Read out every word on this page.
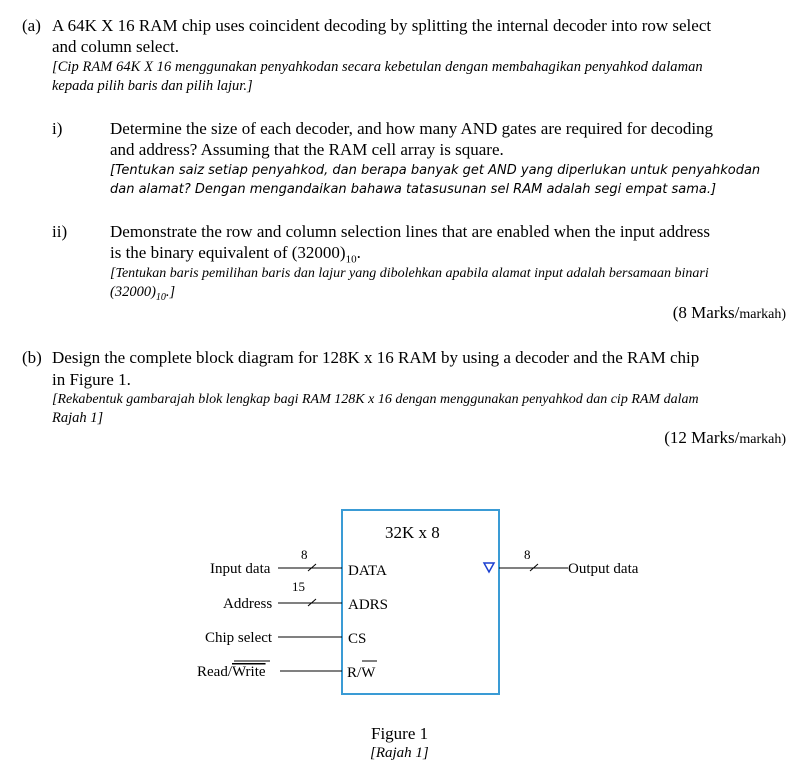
(a) A 64K X 16 RAM chip uses coincident decoding by splitting the internal decoder into row select
and column select.
[Cip RAM 64K X 16 menggunakan penyahkodan secara kebetulan dengan membahagikan penyahkod dalaman
kepada pilih baris dan pilih lajur.]
i)	Determine the size of each decoder, and how many AND gates are required for decoding
and address? Assuming that the RAM cell array is square.
[Tentukan saiz setiap penyahkod, dan berapa banyak get AND yang diperlukan untuk penyahkodan
dan alamat? Dengan mengandaikan bahawa tatasusunan sel RAM adalah segi empat sama.]
ii)	Demonstrate the row and column selection lines that are enabled when the input address
is the binary equivalent of $(32000)_{10}$.
[Tentukan baris pemilihan baris dan lajur yang dibolehkan apabila alamat input adalah bersamaan binari
$(32000)_{10}$.]
(8 Marks/markah)
(b) Design the complete block diagram for 128K x 16 RAM by using a decoder and the RAM chip
in Figure 1.
[Rekabentuk gambarajah blok lengkap bagi RAM 128K x 16 dengan menggunakan penyahkod dan cip RAM dalam
Rajah 1]
(12 Marks/markah)
32K x 8
8
Input data
15
Address
Chip select
Read/Write
DATA
ADRS
CS
R/W
8
Output data
Figure 1
[Rajah 1]
